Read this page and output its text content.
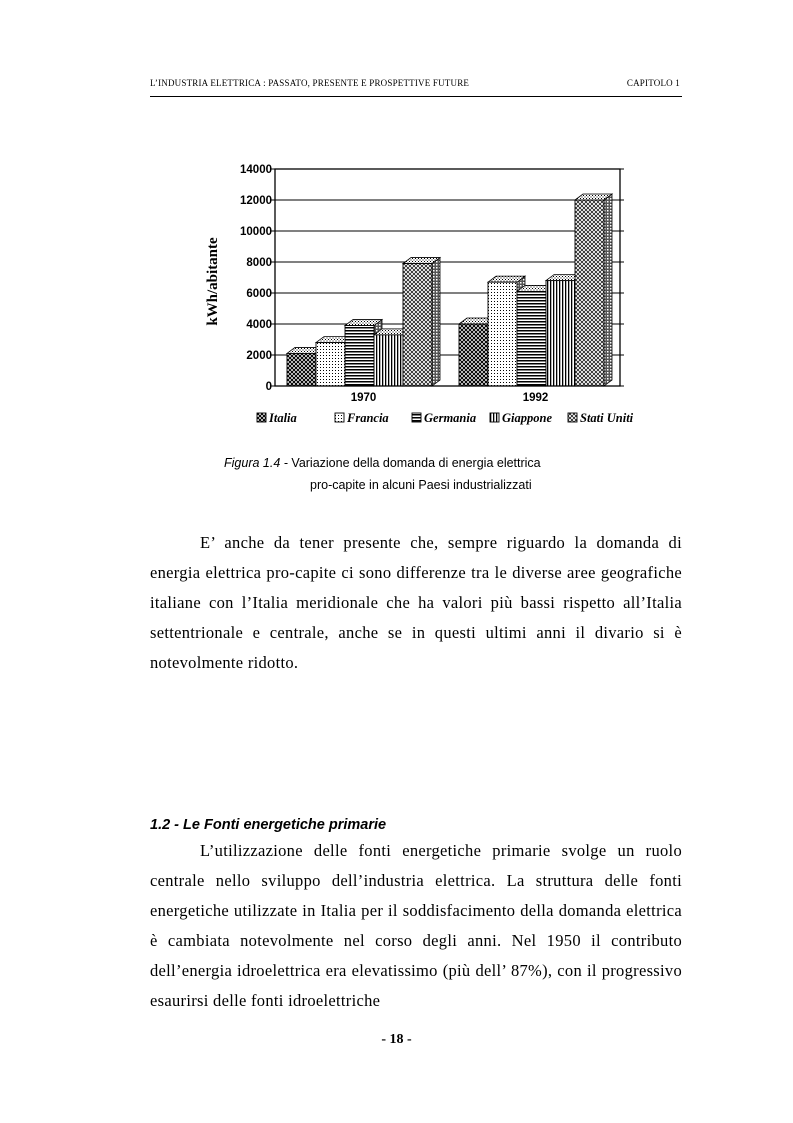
L’INDUSTRIA ELETTRICA : PASSATO, PRESENTE E PROSPETTIVE FUTURE	CAPITOLO 1
0
2000
4000
6000
8000
10000
12000
14000
1970	1992
kWh/abitante
Italia	Francia	Germania Giappone Stati Uniti
Figura 1.4 - Variazione della domanda di energia elettrica
pro-capite in alcuni Paesi industrializzati

E’ anche da tener presente che, sempre riguardo la domanda di energia elettrica pro-capite ci sono differenze tra le diverse aree geografiche italiane con l’Italia meridionale che ha valori più bassi rispetto all’Italia settentrionale e centrale, anche se in questi ultimi anni il divario si è notevolmente ridotto.

1.2 - Le Fonti energetiche primarie

L’utilizzazione delle fonti energetiche primarie svolge un ruolo centrale nello sviluppo dell’industria elettrica. La struttura delle fonti energetiche utilizzate in Italia per il soddisfacimento della domanda elettrica è cambiata notevolmente nel corso degli anni. Nel 1950 il contributo dell’energia idroelettrica era elevatissimo (più dell’ 87%), con il progressivo esaurirsi delle fonti idroelettriche

- 18 -
